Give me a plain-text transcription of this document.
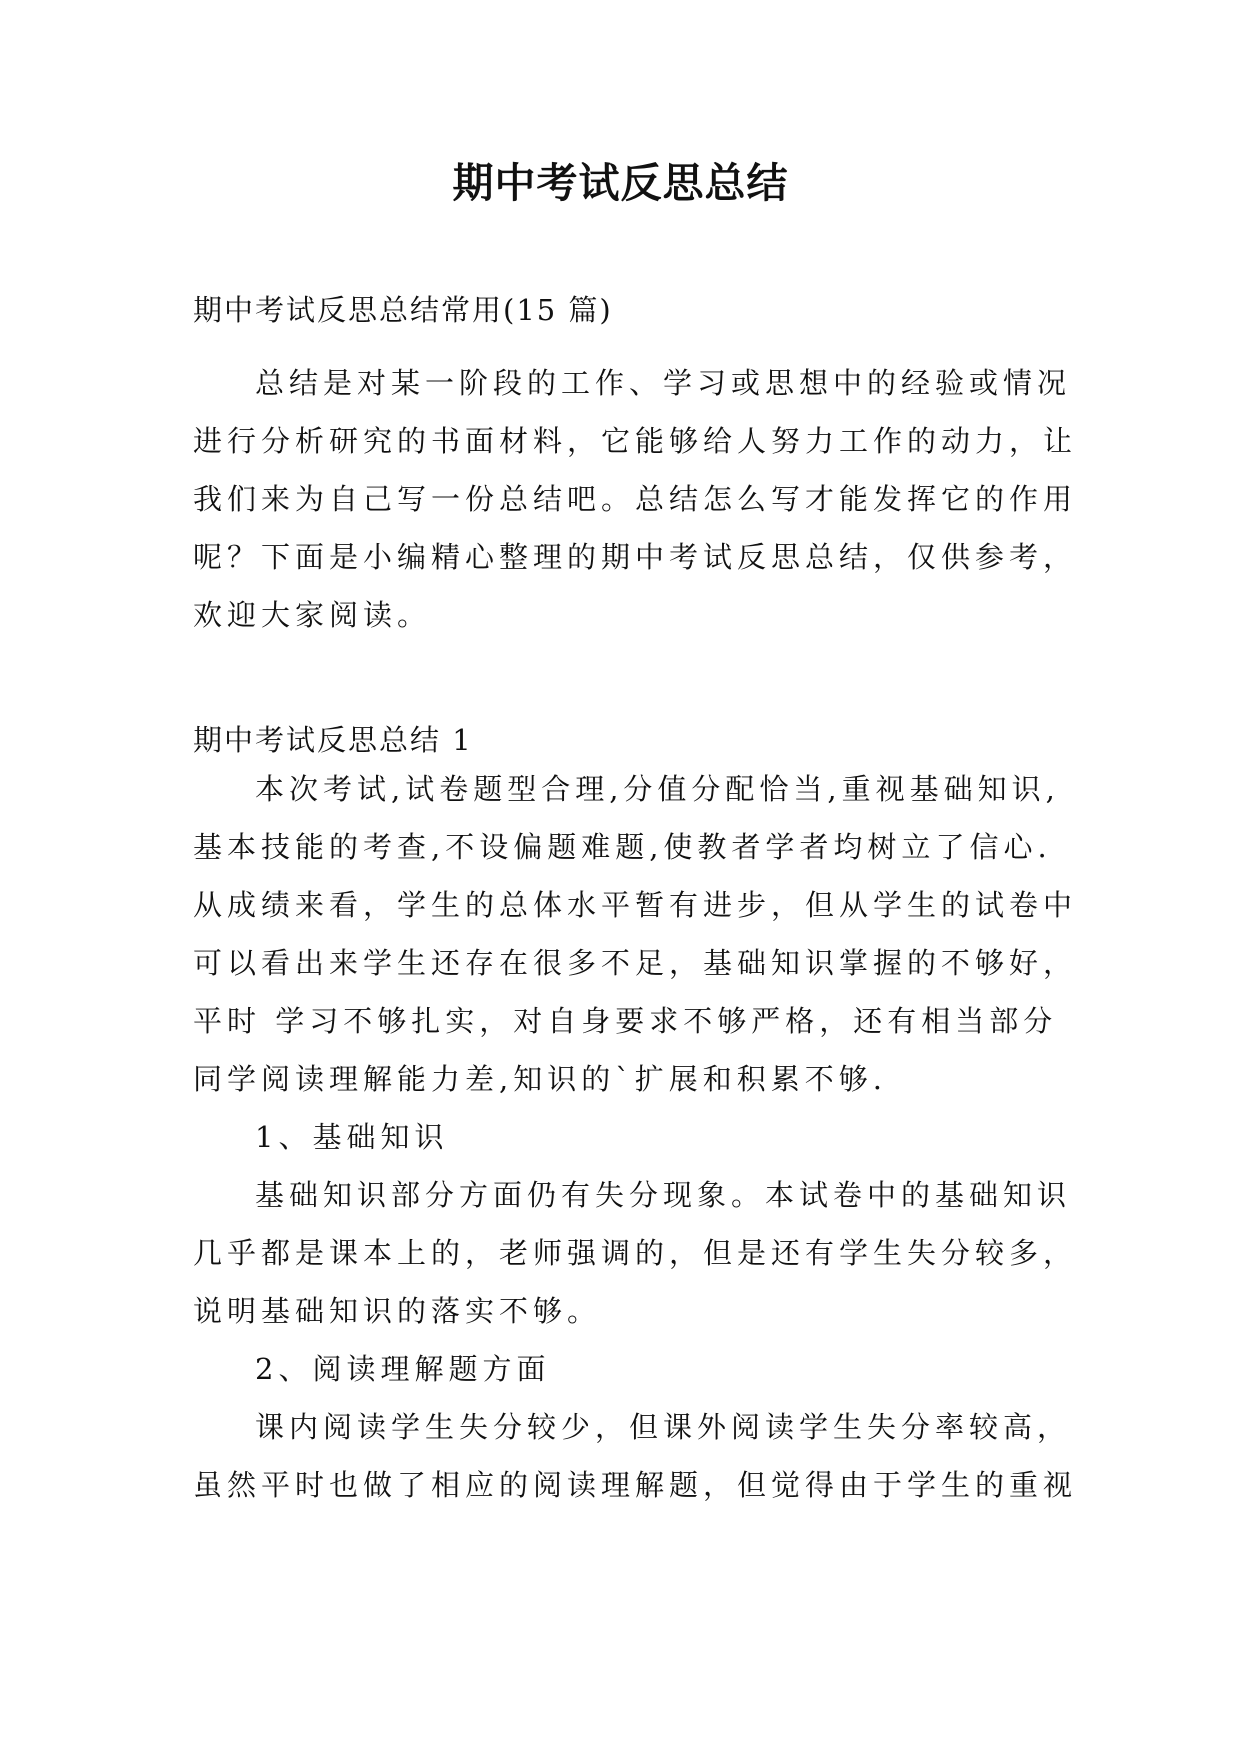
期中考试反思总结
期中考试反思总结常用(15 篇)
总结是对某一阶段的工作、学习或思想中的经验或情况
进行分析研究的书面材料，它能够给人努力工作的动力，让
我们来为自己写一份总结吧。总结怎么写才能发挥它的作用
呢？下面是小编精心整理的期中考试反思总结，仅供参考，
欢迎大家阅读。
期中考试反思总结 1
本次考试,试卷题型合理,分值分配恰当,重视基础知识,
基本技能的考查,不设偏题难题,使教者学者均树立了信心.
从成绩来看，学生的总体水平暂有进步，但从学生的试卷中
可以看出来学生还存在很多不足，基础知识掌握的不够好，
平时 学习不够扎实，对自身要求不够严格，还有相当部分
同学阅读理解能力差,知识的`扩展和积累不够.
1、基础知识
基础知识部分方面仍有失分现象。本试卷中的基础知识
几乎都是课本上的，老师强调的，但是还有学生失分较多，
说明基础知识的落实不够。
2、阅读理解题方面
课内阅读学生失分较少，但课外阅读学生失分率较高，
虽然平时也做了相应的阅读理解题，但觉得由于学生的重视
